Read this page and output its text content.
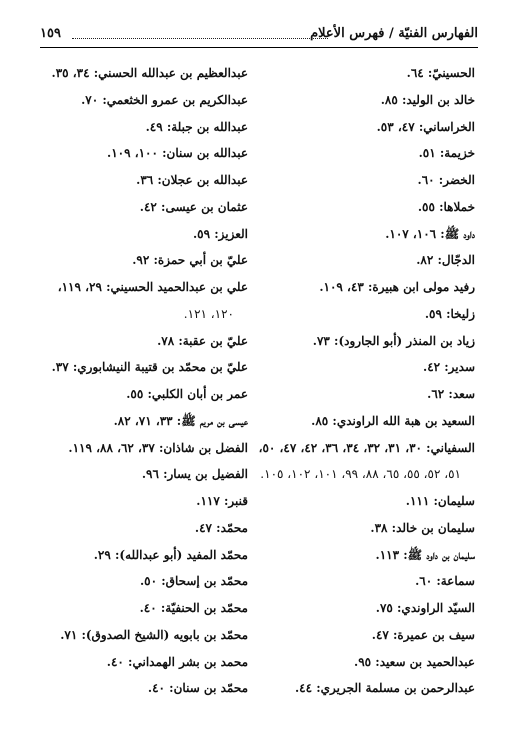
الفهارس الفنيّة / فهرس الأعلام
١٥٩
الحسينيّ: ٦٤.
خالد بن الوليد: ٨٥.
الخراساني: ٤٧، ٥٣.
خزيمة: ٥١.
الخضر: ٦٠.
خملاها: ٥٥.
داود ﷺ: ١٠٦، ١٠٧.
الدجّال: ٨٢.
رفيد مولى ابن هبيرة: ٤٣، ١٠٩.
زليخا: ٥٩.
زياد بن المنذر (أبو الجارود): ٧٣.
سدير: ٤٢.
سعد: ٦٢.
السعيد بن هبة الله الراوندي: ٨٥.
السفياني: ٣٠، ٣١، ٣٢، ٣٤، ٣٦، ٤٢، ٤٧، ٥٠،
٥١، ٥٢، ٥٥، ٦٥، ٨٨، ٩٩، ١٠١، ١٠٢، ١٠٥.
سليمان: ١١١.
سليمان بن خالد: ٣٨.
سليمان بن داود ﷺ: ١١٣.
سماعة: ٦٠.
السيّد الراوندي: ٧٥.
سيف بن عميرة: ٤٧.
عبدالحميد بن سعيد: ٩٥.
عبدالرحمن بن مسلمة الجريري: ٤٤.
عبدالعظيم بن عبدالله الحسني: ٣٤، ٣٥.
عبدالكريم بن عمرو الخثعمي: ٧٠.
عبدالله بن جبلة: ٤٩.
عبدالله بن سنان: ١٠٠، ١٠٩.
عبدالله بن عجلان: ٣٦.
عثمان بن عيسى: ٤٢.
العزيز: ٥٩.
عليّ بن أبي حمزة: ٩٢.
علي بن عبدالحميد الحسيني: ٢٩، ١١٩،
١٢٠، ١٢١.
عليّ بن عقبة: ٧٨.
عليّ بن محمّد بن قتيبة النيشابوري: ٣٧.
عمر بن أبان الكلبي: ٥٥.
عيسى بن مريم ﷺ: ٣٣، ٧١، ٨٢.
الفضل بن شاذان: ٣٧، ٦٢، ٨٨، ١١٩.
الفضيل بن يسار: ٩٦.
قنبر: ١١٧.
محمّد: ٤٧.
محمّد المفيد (أبو عبدالله): ٢٩.
محمّد بن إسحاق: ٥٠.
محمّد بن الحنفيّة: ٤٠.
محمّد بن بابويه (الشيخ الصدوق): ٧١.
محمد بن بشر الهمداني: ٤٠.
محمّد بن سنان: ٤٠.
